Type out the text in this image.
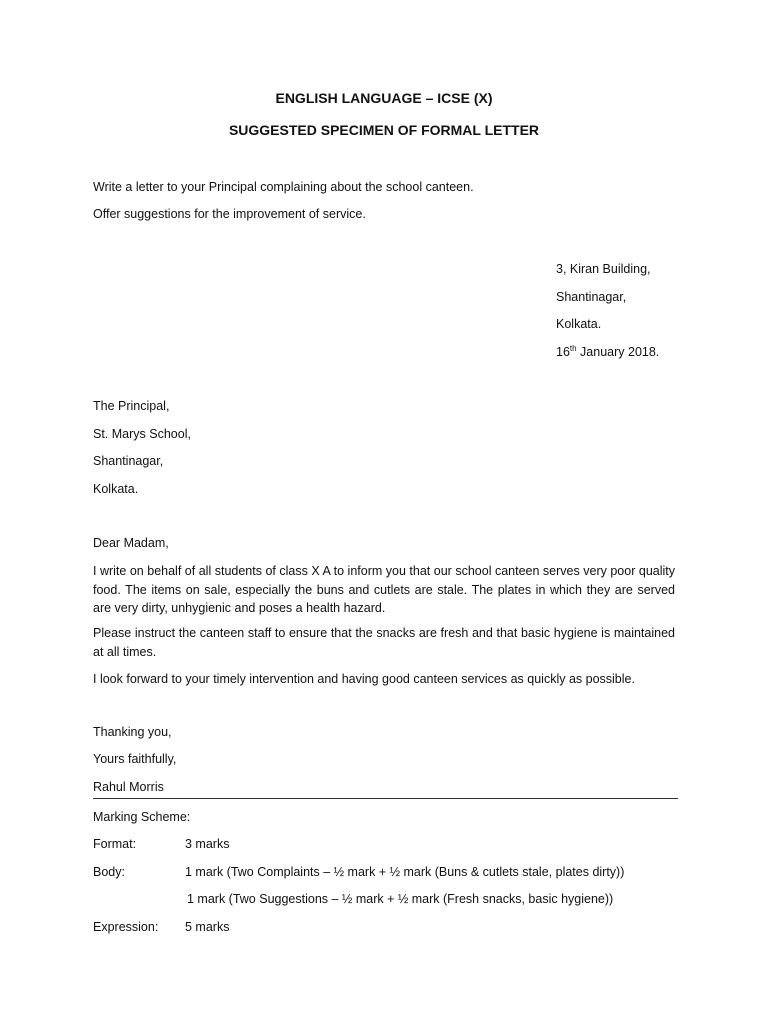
ENGLISH LANGUAGE – ICSE (X)
SUGGESTED SPECIMEN OF FORMAL LETTER
Write a letter to your Principal complaining about the school canteen.
Offer suggestions for the improvement of service.
3, Kiran Building,
Shantinagar,
Kolkata.
16th January 2018.
The Principal,
St. Marys School,
Shantinagar,
Kolkata.
Dear Madam,
I write on behalf of all students of class X A to inform you that our school canteen serves very poor quality food. The items on sale, especially the buns and cutlets are stale. The plates in which they are served are very dirty, unhygienic and poses a health hazard.
Please instruct the canteen staff to ensure that the snacks are fresh and that basic hygiene is maintained at all times.
I look forward to your timely intervention and having good canteen services as quickly as possible.
Thanking you,
Yours faithfully,
Rahul Morris
Marking Scheme:
Format:	3 marks
Body:	1 mark (Two Complaints – ½ mark + ½ mark (Buns & cutlets stale, plates dirty))
1 mark (Two Suggestions – ½ mark + ½ mark (Fresh snacks, basic hygiene))
Expression: 5 marks
